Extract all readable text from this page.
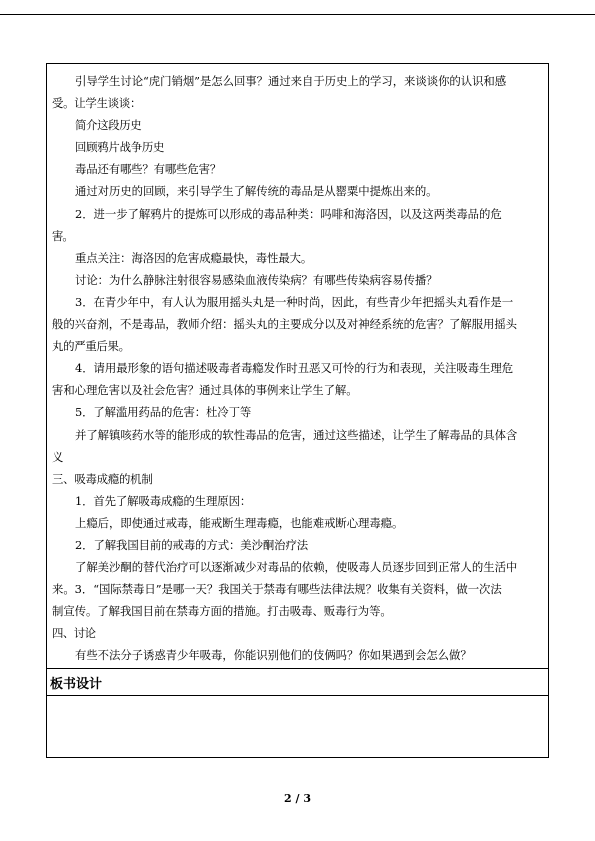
引导学生讨论“虎门销烟”是怎么回事？通过来自于历史上的学习，来谈谈你的认识和感

受。让学生谈谈：

简介这段历史

回顾鸦片战争历史

毒品还有哪些？有哪些危害？

通过对历史的回顾，来引导学生了解传统的毒品是从罂粟中提炼出来的。

2．进一步了解鸦片的提炼可以形成的毒品种类：吗啡和海洛因，以及这两类毒品的危

害。

重点关注：海洛因的危害成瘾最快，毒性最大。

讨论：为什么静脉注射很容易感染血液传染病？有哪些传染病容易传播？

3．在青少年中，有人认为服用摇头丸是一种时尚，因此，有些青少年把摇头丸看作是一

般的兴奋剂，不是毒品，教师介绍：摇头丸的主要成分以及对神经系统的危害？了解服用摇头

丸的严重后果。

4．请用最形象的语句描述吸毒者毒瘾发作时丑恶又可怜的行为和表现，关注吸毒生理危

害和心理危害以及社会危害？通过具体的事例来让学生了解。

5．了解滥用药品的危害：杜冷丁等

并了解镇咳药水等的能形成的软性毒品的危害，通过这些描述，让学生了解毒品的具体含

义

三、吸毒成瘾的机制

1．首先了解吸毒成瘾的生理原因：

上瘾后，即使通过戒毒，能戒断生理毒瘾，也能难戒断心理毒瘾。

2．了解我国目前的戒毒的方式：美沙酮治疗法

了解美沙酮的替代治疗可以逐渐减少对毒品的依赖，使吸毒人员逐步回到正常人的生活中

来。3．“国际禁毒日”是哪一天？我国关于禁毒有哪些法律法规？收集有关资料，做一次法

制宣传。了解我国目前在禁毒方面的措施。打击吸毒、贩毒行为等。

四、讨论

有些不法分子诱惑青少年吸毒，你能识别他们的伎俩吗？你如果遇到会怎么做？

板书设计
2 / 3
